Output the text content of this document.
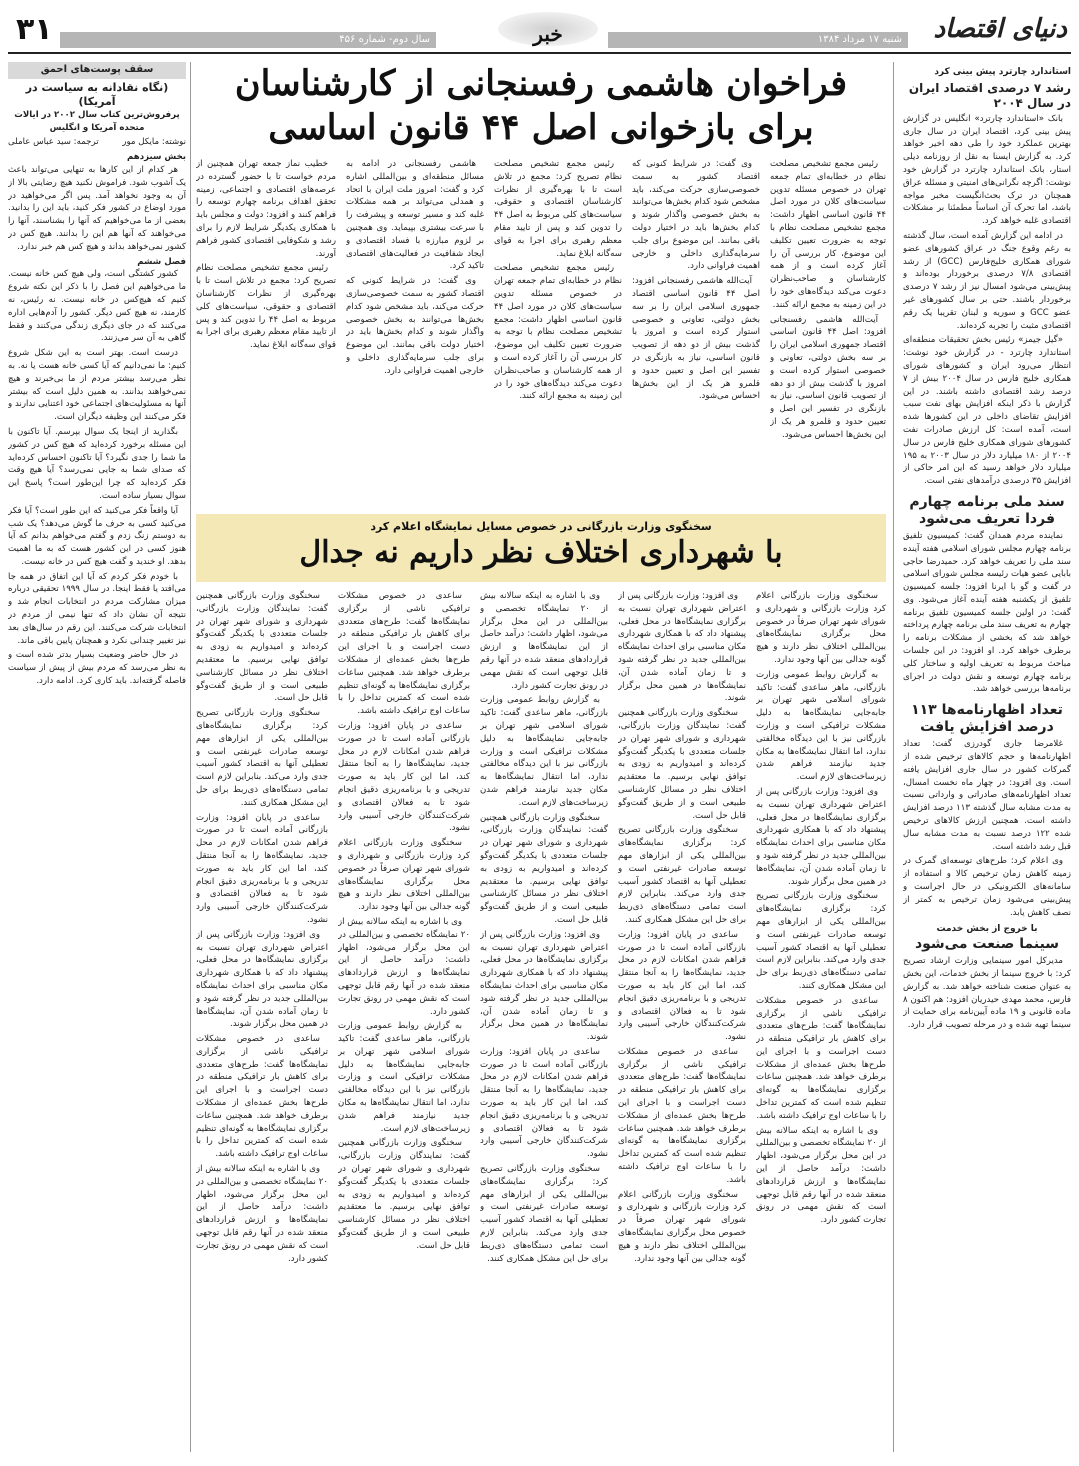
۳۱	سال دوم- شماره ۴۵۶	خبر	شنبه ۱۷ مرداد ۱۳۸۴	دنیای اقتصاد
استاندارد چارترد پیش بینی کرد
رشد ۷ درصدی اقتصاد ایران در سال ۲۰۰۴

بانک «استاندارد چارترد» انگلیس در گزارش پیش بینی کرد، اقتصاد ایران در سال جاری بهترین عملکرد خود را طی دهه اخیر خواهد کرد. به گزارش ایسنا به نقل از روزنامه دیلی استار، بانک استاندارد چارترد در گزارش خود نوشت: اگرچه نگرانی‌های امنیتی و مسئله عراق همچنان در ترک بحث‌انگیست مخبر مواجه باشد، اما تحرک آن اساساً مطمئنا بر مشکلات اقتصادی غلبه خواهد کرد.

در ادامه این گزارش آمده است، سال گذشته به رغم وقوع جنگ در عراق کشورهای عضو شورای همکاری خلیج‌فارس (GCC) از رشد اقتصادی ۷/۸ درصدی برخوردار بوده‌اند و پیش‌بینی می‌شود امسال نیز از رشد ۷ درصدی برخوردار باشند. حتی بر سال کشورهای غیر عضو GCC و سوریه و لبنان تقریبا یک رقم اقتصادی مثبت را تجربه کرده‌اند.

«گیل جیمز» رئیس بخش تحقیقات منطقه‌ای استاندارد چارترد - در گزارش خود نوشت: انتظار می‌رود ایران و کشورهای شورای همکاری خلیج فارس در سال ۲۰۰۴ بیش از ۷ درصد رشد اقتصادی داشته باشند. در این گزارش با ذکر اینکه افزایش بهای نفت سبب افزایش تقاضای داخلی در این کشورها شده است، آمده است: کل ارزش صادرات نفت کشورهای شورای همکاری خلیج فارس در سال ۲۰۰۴ از ۱۸۰ میلیارد دلار در سال ۲۰۰۳ به ۱۹۵ میلیارد دلار خواهد رسید که این امر حاکی از افزایش ۳۵ درصدی درآمدهای نفتی است.

سند ملی برنامه چهارم فردا تعریف می‌شود

نماینده مردم همدان گفت: کمیسیون تلفیق برنامه چهارم مجلس شورای اسلامی هفته آینده سند ملی را تعریف خواهد کرد. حمیدرضا حاجی بابایی عضو هیات رئیسه مجلس شورای اسلامی در گفت و گو با ایرنا افزود: جلسه کمیسیون تلفیق از یکشنبه هفته آینده آغاز می‌شود. وی گفت: در اولین جلسه کمیسیون تلفیق برنامه چهارم به تعریف سند ملی برنامه چهارم پرداخته خواهد شد که بخشی از مشکلات برنامه را برطرف خواهد کرد. او افزود: در این جلسات مباحث مربوط به تعریف اولیه و ساختار کلی برنامه چهارم توسعه و نقش دولت در اجرای برنامه‌ها بررسی خواهد شد.

تعداد اظهارنامه‌ها ۱۱۳ درصد افزایش یافت

غلامرضا جاری گودرزی گفت: تعداد اظهارنامه‌ها و حجم کالاهای ترخیص شده از گمرکات کشور در سال جاری افزایش یافته است. وی افزود: در چهار ماه نخست امسال، تعداد اظهارنامه‌های صادراتی و وارداتی نسبت به مدت مشابه سال گذشته ۱۱۳ درصد افزایش داشته است. همچنین ارزش کالاهای ترخیص شده ۱۲۲ درصد نسبت به مدت مشابه سال قبل رشد داشته است.

وی اعلام کرد: طرح‌های توسعه‌ای گمرک در زمینه کاهش زمان ترخیص کالا و استفاده از سامانه‌های الکترونیکی در حال اجراست و پیش‌بینی می‌شود زمان ترخیص به کمتر از نصف کاهش یابد.

با خروج از بخش خدمت
سینما صنعت می‌شود

مدیرکل امور سینمایی وزارت ارشاد تصریح کرد: با خروج سینما از بخش خدمات، این بخش به عنوان صنعت شناخته خواهد شد. به گزارش فارس، محمد مهدی حیدریان افزود: هم اکنون ۸ ماده قانونی و ۱۹ ماده آیین‌نامه برای حمایت از سینما تهیه شده و در مرحله تصویب قرار دارد.

سقف پوست‌های احمق
(نگاه نقادانه به سیاست در آمریکا)
پرفروش‌ترین کتاب سال ۲۰۰۲ در ایالات متحده آمریکا و انگلیس
نوشته: مایکل مور
ترجمه: سید عباس عاملی
بخش سیزدهم

هر کدام از این کارها به تنهایی می‌تواند باعث یک آشوب شود. فراموش نکنید هیچ رضایتی بالا از آن به وجود نخواهد آمد. پس اگر می‌خواهید در مورد اوضاع در کشور فکر کنید، باید این را بدانید. بعضی از ما می‌خواهیم که آنها را بشناسند، آنها را می‌خواهند که آنها هم این را بدانند. هیچ کس در کشور نمی‌خواهد بداند و هیچ کس هم خبر ندارد.

فصل ششم

کشور کشتگی است، ولی هیچ کس خانه نیست. ما می‌خواهیم این فصل را با ذکر این نکته شروع کنیم که هیچ‌کس در خانه نیست. نه رئیس، نه کارمند، نه هیچ کس دیگر. کشور را آدم‌هایی اداره می‌کنند که در جای دیگری زندگی می‌کنند و فقط گاهی به آن سر می‌زنند.

درست است. بهتر است به این شکل شروع کنیم: ما نمی‌دانیم که آیا کسی خانه هست یا نه. به نظر می‌رسد بیشتر مردم از ما بی‌خبرند و هیچ نمی‌خواهند بدانند. به همین دلیل است که بیشتر آنها به مسئولیت‌های اجتماعی خود اعتنایی ندارند و فکر می‌کنند این وظیفه دیگران است.

بگذارید از اینجا یک سوال بپرسم. آیا تاکنون با این مسئله برخورد کرده‌اید که هیچ کس در کشور ما شما را جدی نگیرد؟ آیا تاکنون احساس کرده‌اید که صدای شما به جایی نمی‌رسد؟ آیا هیچ وقت فکر کرده‌اید که چرا این‌طور است؟ پاسخ این سوال بسیار ساده است.

آیا واقعاً فکر می‌کنید که این طور است؟ آیا فکر می‌کنید کسی به حرف ما گوش می‌دهد؟ یک شب به دوستم زنگ زدم و گفتم می‌خواهم بدانم که آیا هنوز کسی در این کشور هست که به ما اهمیت بدهد. او خندید و گفت هیچ کس در خانه نیست.

با خودم فکر کردم که آیا این اتفاق در همه جا می‌افتد یا فقط اینجا. در سال ۱۹۹۹ تحقیقی درباره میزان مشارکت مردم در انتخابات انجام شد و نتیجه آن نشان داد که تنها نیمی از مردم در انتخابات شرکت می‌کنند. این رقم در سال‌های بعد نیز تغییر چندانی نکرد و همچنان پایین باقی ماند.

در حال حاضر وضعیت بسیار بدتر شده است و به نظر می‌رسد که مردم بیش از پیش از سیاست فاصله گرفته‌اند. باید کاری کرد. ادامه دارد.

فراخوان هاشمی رفسنجانی از کارشناسان برای بازخوانی اصل ۴۴ قانون اساسی

رئیس مجمع تشخیص مصلحت نظام در خطابه‌ای تمام جمعه تهران در خصوص مسئله تدوین سیاست‌های کلان در مورد اصل ۴۴ قانون اساسی اظهار داشت: مجمع تشخیص مصلحت نظام با توجه به ضرورت تعیین تکلیف این موضوع، کار بررسی آن را آغاز کرده است و از همه کارشناسان و صاحب‌نظران دعوت می‌کند دیدگاه‌های خود را در این زمینه به مجمع ارائه کنند.

آیت‌الله هاشمی رفسنجانی افزود: اصل ۴۴ قانون اساسی اقتصاد جمهوری اسلامی ایران را بر سه بخش دولتی، تعاونی و خصوصی استوار کرده است و امروز با گذشت بیش از دو دهه از تصویب قانون اساسی، نیاز به بازنگری در تفسیر این اصل و تعیین حدود و قلمرو هر یک از این بخش‌ها احساس می‌شود.

وی گفت: در شرایط کنونی که اقتصاد کشور به سمت خصوصی‌سازی حرکت می‌کند، باید مشخص شود کدام بخش‌ها می‌توانند به بخش خصوصی واگذار شوند و کدام بخش‌ها باید در اختیار دولت باقی بمانند. این موضوع برای جلب سرمایه‌گذاری داخلی و خارجی اهمیت فراوانی دارد.

آیت‌الله هاشمی رفسنجانی افزود: اصل ۴۴ قانون اساسی اقتصاد جمهوری اسلامی ایران را بر سه بخش دولتی، تعاونی و خصوصی استوار کرده است و امروز با گذشت بیش از دو دهه از تصویب قانون اساسی، نیاز به بازنگری در تفسیر این اصل و تعیین حدود و قلمرو هر یک از این بخش‌ها احساس می‌شود.

رئیس مجمع تشخیص مصلحت نظام تصریح کرد: مجمع در تلاش است تا با بهره‌گیری از نظرات کارشناسان اقتصادی و حقوقی، سیاست‌های کلی مربوط به اصل ۴۴ را تدوین کند و پس از تایید مقام معظم رهبری برای اجرا به قوای سه‌گانه ابلاغ نماید.

رئیس مجمع تشخیص مصلحت نظام در خطابه‌ای تمام جمعه تهران در خصوص مسئله تدوین سیاست‌های کلان در مورد اصل ۴۴ قانون اساسی اظهار داشت: مجمع تشخیص مصلحت نظام با توجه به ضرورت تعیین تکلیف این موضوع، کار بررسی آن را آغاز کرده است و از همه کارشناسان و صاحب‌نظران دعوت می‌کند دیدگاه‌های خود را در این زمینه به مجمع ارائه کنند.

هاشمی رفسنجانی در ادامه به مسائل منطقه‌ای و بین‌المللی اشاره کرد و گفت: امروز ملت ایران با اتحاد و همدلی می‌تواند بر همه مشکلات غلبه کند و مسیر توسعه و پیشرفت را با سرعت بیشتری بپیماید. وی همچنین بر لزوم مبارزه با فساد اقتصادی و ایجاد شفافیت در فعالیت‌های اقتصادی تاکید کرد.

وی گفت: در شرایط کنونی که اقتصاد کشور به سمت خصوصی‌سازی حرکت می‌کند، باید مشخص شود کدام بخش‌ها می‌توانند به بخش خصوصی واگذار شوند و کدام بخش‌ها باید در اختیار دولت باقی بمانند. این موضوع برای جلب سرمایه‌گذاری داخلی و خارجی اهمیت فراوانی دارد.

خطیب نماز جمعه تهران همچنین از مردم خواست تا با حضور گسترده در عرصه‌های اقتصادی و اجتماعی، زمینه تحقق اهداف برنامه چهارم توسعه را فراهم کنند و افزود: دولت و مجلس باید با همکاری یکدیگر شرایط لازم را برای رشد و شکوفایی اقتصادی کشور فراهم آورند.

رئیس مجمع تشخیص مصلحت نظام تصریح کرد: مجمع در تلاش است تا با بهره‌گیری از نظرات کارشناسان اقتصادی و حقوقی، سیاست‌های کلی مربوط به اصل ۴۴ را تدوین کند و پس از تایید مقام معظم رهبری برای اجرا به قوای سه‌گانه ابلاغ نماید.

سخنگوی وزارت بازرگانی در خصوص مسایل نمایشگاه اعلام کرد
با شهرداری اختلاف نظر داریم نه جدال

سخنگوی وزارت بازرگانی اعلام کرد وزارت بازرگانی و شهرداری و شورای شهر تهران صرفاً در خصوص محل برگزاری نمایشگاه‌های بین‌المللی اختلاف نظر دارند و هیچ گونه جدالی بین آنها وجود ندارد.

به گزارش روابط عمومی وزارت بازرگانی، ماهر ساعدی گفت: تاکید شورای اسلامی شهر تهران بر جابه‌جایی نمایشگاه‌ها به دلیل مشکلات ترافیکی است و وزارت بازرگانی نیز با این دیدگاه مخالفتی ندارد، اما انتقال نمایشگاه‌ها به مکان جدید نیازمند فراهم شدن زیرساخت‌های لازم است.

وی افزود: وزارت بازرگانی پس از اعتراض شهرداری تهران نسبت به برگزاری نمایشگاه‌ها در محل فعلی، پیشنهاد داد که با همکاری شهرداری مکان مناسبی برای احداث نمایشگاه بین‌المللی جدید در نظر گرفته شود و تا زمان آماده شدن آن، نمایشگاه‌ها در همین محل برگزار شوند.

سخنگوی وزارت بازرگانی تصریح کرد: برگزاری نمایشگاه‌های بین‌المللی یکی از ابزارهای مهم توسعه صادرات غیرنفتی است و تعطیلی آنها به اقتصاد کشور آسیب جدی وارد می‌کند. بنابراین لازم است تمامی دستگاه‌های ذی‌ربط برای حل این مشکل همکاری کنند.

ساعدی در خصوص مشکلات ترافیکی ناشی از برگزاری نمایشگاه‌ها گفت: طرح‌های متعددی برای کاهش بار ترافیکی منطقه در دست اجراست و با اجرای این طرح‌ها بخش عمده‌ای از مشکلات برطرف خواهد شد. همچنین ساعات برگزاری نمایشگاه‌ها به گونه‌ای تنظیم شده است که کمترین تداخل را با ساعات اوج ترافیک داشته باشد.

وی با اشاره به اینکه سالانه بیش از ۲۰ نمایشگاه تخصصی و بین‌المللی در این محل برگزار می‌شود، اظهار داشت: درآمد حاصل از این نمایشگاه‌ها و ارزش قراردادهای منعقد شده در آنها رقم قابل توجهی است که نقش مهمی در رونق تجارت کشور دارد.

وی افزود: وزارت بازرگانی پس از اعتراض شهرداری تهران نسبت به برگزاری نمایشگاه‌ها در محل فعلی، پیشنهاد داد که با همکاری شهرداری مکان مناسبی برای احداث نمایشگاه بین‌المللی جدید در نظر گرفته شود و تا زمان آماده شدن آن، نمایشگاه‌ها در همین محل برگزار شوند.

سخنگوی وزارت بازرگانی همچنین گفت: نمایندگان وزارت بازرگانی، شهرداری و شورای شهر تهران در جلسات متعددی با یکدیگر گفت‌وگو کرده‌اند و امیدواریم به زودی به توافق نهایی برسیم. ما معتقدیم اختلاف نظر در مسائل کارشناسی طبیعی است و از طریق گفت‌وگو قابل حل است.

سخنگوی وزارت بازرگانی تصریح کرد: برگزاری نمایشگاه‌های بین‌المللی یکی از ابزارهای مهم توسعه صادرات غیرنفتی است و تعطیلی آنها به اقتصاد کشور آسیب جدی وارد می‌کند. بنابراین لازم است تمامی دستگاه‌های ذی‌ربط برای حل این مشکل همکاری کنند.

ساعدی در پایان افزود: وزارت بازرگانی آماده است تا در صورت فراهم شدن امکانات لازم در محل جدید، نمایشگاه‌ها را به آنجا منتقل کند، اما این کار باید به صورت تدریجی و با برنامه‌ریزی دقیق انجام شود تا به فعالان اقتصادی و شرکت‌کنندگان خارجی آسیبی وارد نشود.

ساعدی در خصوص مشکلات ترافیکی ناشی از برگزاری نمایشگاه‌ها گفت: طرح‌های متعددی برای کاهش بار ترافیکی منطقه در دست اجراست و با اجرای این طرح‌ها بخش عمده‌ای از مشکلات برطرف خواهد شد. همچنین ساعات برگزاری نمایشگاه‌ها به گونه‌ای تنظیم شده است که کمترین تداخل را با ساعات اوج ترافیک داشته باشد.

سخنگوی وزارت بازرگانی اعلام کرد وزارت بازرگانی و شهرداری و شورای شهر تهران صرفاً در خصوص محل برگزاری نمایشگاه‌های بین‌المللی اختلاف نظر دارند و هیچ گونه جدالی بین آنها وجود ندارد.

وی با اشاره به اینکه سالانه بیش از ۲۰ نمایشگاه تخصصی و بین‌المللی در این محل برگزار می‌شود، اظهار داشت: درآمد حاصل از این نمایشگاه‌ها و ارزش قراردادهای منعقد شده در آنها رقم قابل توجهی است که نقش مهمی در رونق تجارت کشور دارد.

به گزارش روابط عمومی وزارت بازرگانی، ماهر ساعدی گفت: تاکید شورای اسلامی شهر تهران بر جابه‌جایی نمایشگاه‌ها به دلیل مشکلات ترافیکی است و وزارت بازرگانی نیز با این دیدگاه مخالفتی ندارد، اما انتقال نمایشگاه‌ها به مکان جدید نیازمند فراهم شدن زیرساخت‌های لازم است.

سخنگوی وزارت بازرگانی همچنین گفت: نمایندگان وزارت بازرگانی، شهرداری و شورای شهر تهران در جلسات متعددی با یکدیگر گفت‌وگو کرده‌اند و امیدواریم به زودی به توافق نهایی برسیم. ما معتقدیم اختلاف نظر در مسائل کارشناسی طبیعی است و از طریق گفت‌وگو قابل حل است.

وی افزود: وزارت بازرگانی پس از اعتراض شهرداری تهران نسبت به برگزاری نمایشگاه‌ها در محل فعلی، پیشنهاد داد که با همکاری شهرداری مکان مناسبی برای احداث نمایشگاه بین‌المللی جدید در نظر گرفته شود و تا زمان آماده شدن آن، نمایشگاه‌ها در همین محل برگزار شوند.

ساعدی در پایان افزود: وزارت بازرگانی آماده است تا در صورت فراهم شدن امکانات لازم در محل جدید، نمایشگاه‌ها را به آنجا منتقل کند، اما این کار باید به صورت تدریجی و با برنامه‌ریزی دقیق انجام شود تا به فعالان اقتصادی و شرکت‌کنندگان خارجی آسیبی وارد نشود.

سخنگوی وزارت بازرگانی تصریح کرد: برگزاری نمایشگاه‌های بین‌المللی یکی از ابزارهای مهم توسعه صادرات غیرنفتی است و تعطیلی آنها به اقتصاد کشور آسیب جدی وارد می‌کند. بنابراین لازم است تمامی دستگاه‌های ذی‌ربط برای حل این مشکل همکاری کنند.

ساعدی در خصوص مشکلات ترافیکی ناشی از برگزاری نمایشگاه‌ها گفت: طرح‌های متعددی برای کاهش بار ترافیکی منطقه در دست اجراست و با اجرای این طرح‌ها بخش عمده‌ای از مشکلات برطرف خواهد شد. همچنین ساعات برگزاری نمایشگاه‌ها به گونه‌ای تنظیم شده است که کمترین تداخل را با ساعات اوج ترافیک داشته باشد.

ساعدی در پایان افزود: وزارت بازرگانی آماده است تا در صورت فراهم شدن امکانات لازم در محل جدید، نمایشگاه‌ها را به آنجا منتقل کند، اما این کار باید به صورت تدریجی و با برنامه‌ریزی دقیق انجام شود تا به فعالان اقتصادی و شرکت‌کنندگان خارجی آسیبی وارد نشود.

سخنگوی وزارت بازرگانی اعلام کرد وزارت بازرگانی و شهرداری و شورای شهر تهران صرفاً در خصوص محل برگزاری نمایشگاه‌های بین‌المللی اختلاف نظر دارند و هیچ گونه جدالی بین آنها وجود ندارد.

وی با اشاره به اینکه سالانه بیش از ۲۰ نمایشگاه تخصصی و بین‌المللی در این محل برگزار می‌شود، اظهار داشت: درآمد حاصل از این نمایشگاه‌ها و ارزش قراردادهای منعقد شده در آنها رقم قابل توجهی است که نقش مهمی در رونق تجارت کشور دارد.

به گزارش روابط عمومی وزارت بازرگانی، ماهر ساعدی گفت: تاکید شورای اسلامی شهر تهران بر جابه‌جایی نمایشگاه‌ها به دلیل مشکلات ترافیکی است و وزارت بازرگانی نیز با این دیدگاه مخالفتی ندارد، اما انتقال نمایشگاه‌ها به مکان جدید نیازمند فراهم شدن زیرساخت‌های لازم است.

سخنگوی وزارت بازرگانی همچنین گفت: نمایندگان وزارت بازرگانی، شهرداری و شورای شهر تهران در جلسات متعددی با یکدیگر گفت‌وگو کرده‌اند و امیدواریم به زودی به توافق نهایی برسیم. ما معتقدیم اختلاف نظر در مسائل کارشناسی طبیعی است و از طریق گفت‌وگو قابل حل است.

سخنگوی وزارت بازرگانی همچنین گفت: نمایندگان وزارت بازرگانی، شهرداری و شورای شهر تهران در جلسات متعددی با یکدیگر گفت‌وگو کرده‌اند و امیدواریم به زودی به توافق نهایی برسیم. ما معتقدیم اختلاف نظر در مسائل کارشناسی طبیعی است و از طریق گفت‌وگو قابل حل است.

سخنگوی وزارت بازرگانی تصریح کرد: برگزاری نمایشگاه‌های بین‌المللی یکی از ابزارهای مهم توسعه صادرات غیرنفتی است و تعطیلی آنها به اقتصاد کشور آسیب جدی وارد می‌کند. بنابراین لازم است تمامی دستگاه‌های ذی‌ربط برای حل این مشکل همکاری کنند.

ساعدی در پایان افزود: وزارت بازرگانی آماده است تا در صورت فراهم شدن امکانات لازم در محل جدید، نمایشگاه‌ها را به آنجا منتقل کند، اما این کار باید به صورت تدریجی و با برنامه‌ریزی دقیق انجام شود تا به فعالان اقتصادی و شرکت‌کنندگان خارجی آسیبی وارد نشود.

وی افزود: وزارت بازرگانی پس از اعتراض شهرداری تهران نسبت به برگزاری نمایشگاه‌ها در محل فعلی، پیشنهاد داد که با همکاری شهرداری مکان مناسبی برای احداث نمایشگاه بین‌المللی جدید در نظر گرفته شود و تا زمان آماده شدن آن، نمایشگاه‌ها در همین محل برگزار شوند.

ساعدی در خصوص مشکلات ترافیکی ناشی از برگزاری نمایشگاه‌ها گفت: طرح‌های متعددی برای کاهش بار ترافیکی منطقه در دست اجراست و با اجرای این طرح‌ها بخش عمده‌ای از مشکلات برطرف خواهد شد. همچنین ساعات برگزاری نمایشگاه‌ها به گونه‌ای تنظیم شده است که کمترین تداخل را با ساعات اوج ترافیک داشته باشد.

وی با اشاره به اینکه سالانه بیش از ۲۰ نمایشگاه تخصصی و بین‌المللی در این محل برگزار می‌شود، اظهار داشت: درآمد حاصل از این نمایشگاه‌ها و ارزش قراردادهای منعقد شده در آنها رقم قابل توجهی است که نقش مهمی در رونق تجارت کشور دارد.
